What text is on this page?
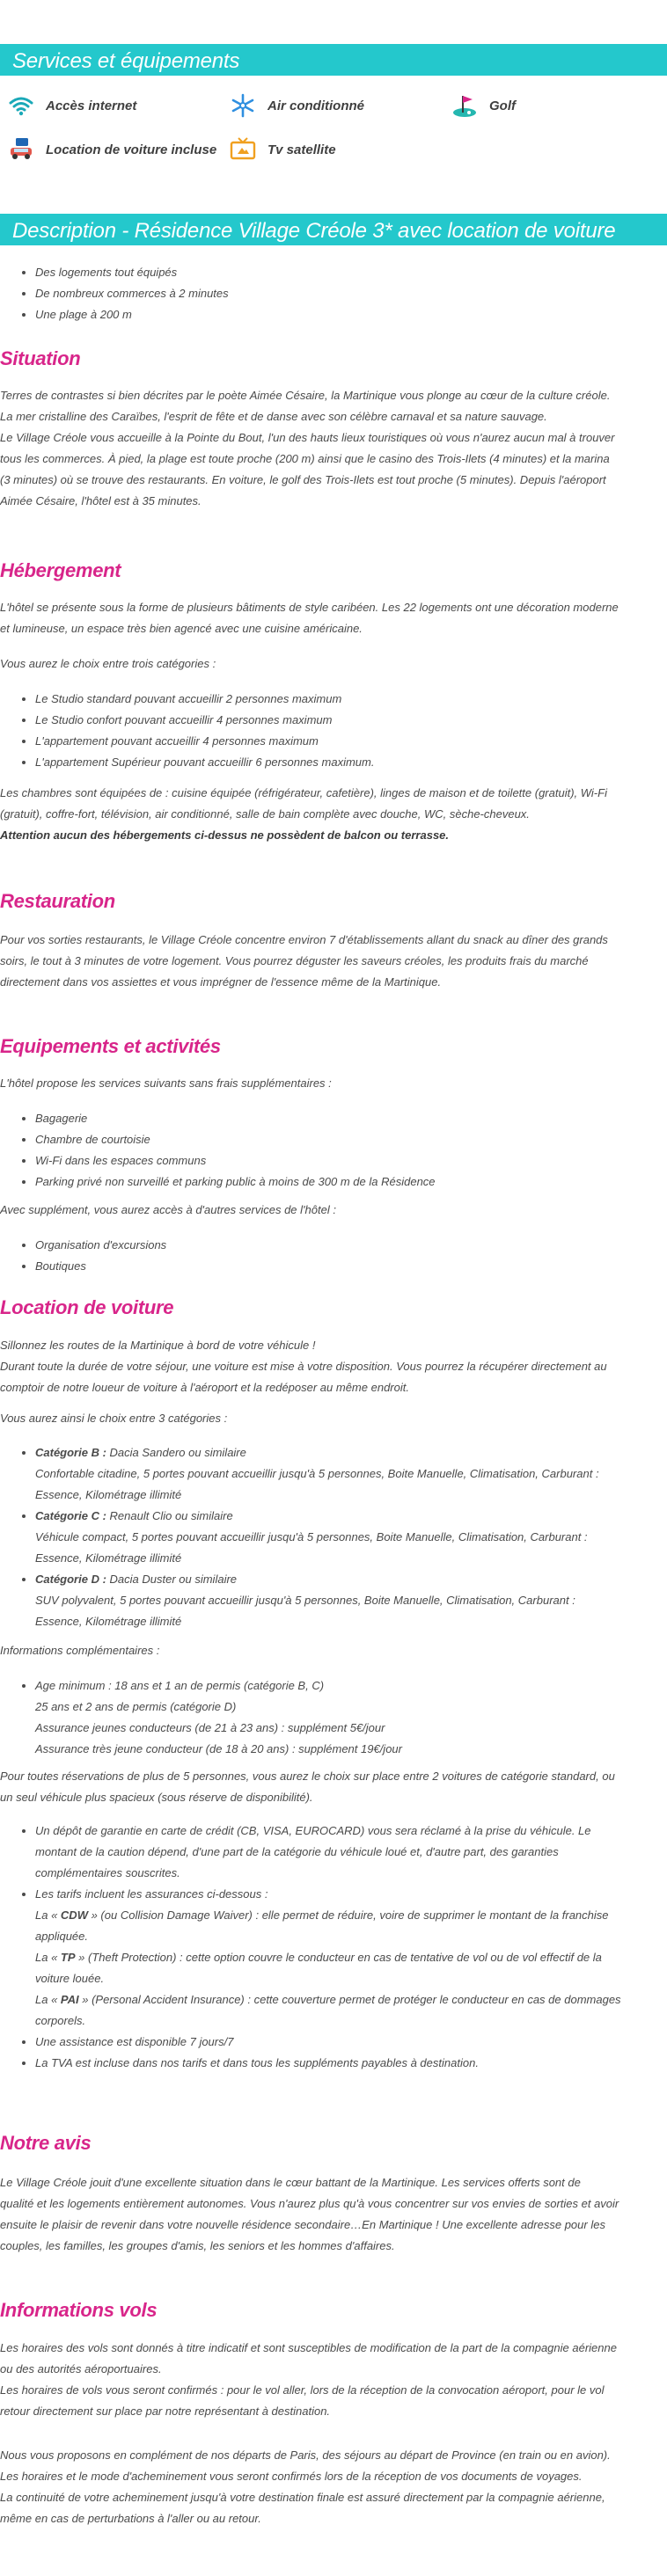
Services et équipements
Accès internet	Air conditionné	Golf
Location de voiture incluse	Tv satellite
Description - Résidence Village Créole 3* avec location de voiture
• Des logements tout équipés
• De nombreux commerces à 2 minutes
• Une plage à 200 m
Situation
Terres de contrastes si bien décrites par le poète Aimée Césaire, la Martinique vous plonge au cœur de la culture créole.
La mer cristalline des Caraïbes, l'esprit de fête et de danse avec son célèbre carnaval et sa nature sauvage.
Le Village Créole vous accueille à la Pointe du Bout, l'un des hauts lieux touristiques où vous n'aurez aucun mal à trouver
tous les commerces. À pied, la plage est toute proche (200 m) ainsi que le casino des Trois-Ilets (4 minutes) et la marina
(3 minutes) où se trouve des restaurants. En voiture, le golf des Trois-Ilets est tout proche (5 minutes). Depuis l'aéroport
Aimée Césaire, l'hôtel est à 35 minutes.
Hébergement
L'hôtel se présente sous la forme de plusieurs bâtiments de style caribéen. Les 22 logements ont une décoration moderne
et lumineuse, un espace très bien agencé avec une cuisine américaine.
Vous aurez le choix entre trois catégories :
• Le Studio standard pouvant accueillir 2 personnes maximum
• Le Studio confort pouvant accueillir 4 personnes maximum
• L'appartement pouvant accueillir 4 personnes maximum
• L'appartement Supérieur pouvant accueillir 6 personnes maximum.
Les chambres sont équipées de : cuisine équipée (réfrigérateur, cafetière), linges de maison et de toilette (gratuit), Wi-Fi
(gratuit), coffre-fort, télévision, air conditionné, salle de bain complète avec douche, WC, sèche-cheveux.
Attention aucun des hébergements ci-dessus ne possèdent de balcon ou terrasse.
Restauration
Pour vos sorties restaurants, le Village Créole concentre environ 7 d'établissements allant du snack au dîner des grands
soirs, le tout à 3 minutes de votre logement. Vous pourrez déguster les saveurs créoles, les produits frais du marché
directement dans vos assiettes et vous imprégner de l'essence même de la Martinique.
Equipements et activités
L'hôtel propose les services suivants sans frais supplémentaires :
• Bagagerie
• Chambre de courtoisie
• Wi-Fi dans les espaces communs
• Parking privé non surveillé et parking public à moins de 300 m de la Résidence
Avec supplément, vous aurez accès à d'autres services de l'hôtel :
• Organisation d'excursions
• Boutiques
Location de voiture
Sillonnez les routes de la Martinique à bord de votre véhicule !
Durant toute la durée de votre séjour, une voiture est mise à votre disposition. Vous pourrez la récupérer directement au
comptoir de notre loueur de voiture à l'aéroport et la redéposer au même endroit.
Vous aurez ainsi le choix entre 3 catégories :
• Catégorie B : Dacia Sandero ou similaire
Confortable citadine, 5 portes pouvant accueillir jusqu'à 5 personnes, Boite Manuelle, Climatisation, Carburant :
Essence, Kilométrage illimité
• Catégorie C : Renault Clio ou similaire
Véhicule compact, 5 portes pouvant accueillir jusqu'à 5 personnes, Boite Manuelle, Climatisation, Carburant :
Essence, Kilométrage illimité
• Catégorie D : Dacia Duster ou similaire
SUV polyvalent, 5 portes pouvant accueillir jusqu'à 5 personnes, Boite Manuelle, Climatisation, Carburant :
Essence, Kilométrage illimité
Informations complémentaires :
• Age minimum : 18 ans et 1 an de permis (catégorie B, C)
25 ans et 2 ans de permis (catégorie D)
Assurance jeunes conducteurs (de 21 à 23 ans) : supplément 5€/jour
Assurance très jeune conducteur (de 18 à 20 ans) : supplément 19€/jour
Pour toutes réservations de plus de 5 personnes, vous aurez le choix sur place entre 2 voitures de catégorie standard, ou
un seul véhicule plus spacieux (sous réserve de disponibilité).
• Un dépôt de garantie en carte de crédit (CB, VISA, EUROCARD) vous sera réclamé à la prise du véhicule. Le
montant de la caution dépend, d'une part de la catégorie du véhicule loué et, d'autre part, des garanties
complémentaires souscrites.
• Les tarifs incluent les assurances ci-dessous :
La « CDW » (ou Collision Damage Waiver) : elle permet de réduire, voire de supprimer le montant de la franchise
appliquée.
La « TP » (Theft Protection) : cette option couvre le conducteur en cas de tentative de vol ou de vol effectif de la
voiture louée.
La « PAI » (Personal Accident Insurance) : cette couverture permet de protéger le conducteur en cas de dommages
corporels.
• Une assistance est disponible 7 jours/7
• La TVA est incluse dans nos tarifs et dans tous les suppléments payables à destination.
Notre avis
Le Village Créole jouit d'une excellente situation dans le cœur battant de la Martinique. Les services offerts sont de
qualité et les logements entièrement autonomes. Vous n'aurez plus qu'à vous concentrer sur vos envies de sorties et avoir
ensuite le plaisir de revenir dans votre nouvelle résidence secondaire…En Martinique ! Une excellente adresse pour les
couples, les familles, les groupes d'amis, les seniors et les hommes d'affaires.
Informations vols
Les horaires des vols sont donnés à titre indicatif et sont susceptibles de modification de la part de la compagnie aérienne
ou des autorités aéroportuaires.
Les horaires de vols vous seront confirmés : pour le vol aller, lors de la réception de la convocation aéroport, pour le vol
retour directement sur place par notre représentant à destination.
Nous vous proposons en complément de nos départs de Paris, des séjours au départ de Province (en train ou en avion).
Les horaires et le mode d'acheminement vous seront confirmés lors de la réception de vos documents de voyages.
La continuité de votre acheminement jusqu'à votre destination finale est assuré directement par la compagnie aérienne,
même en cas de perturbations à l'aller ou au retour.
